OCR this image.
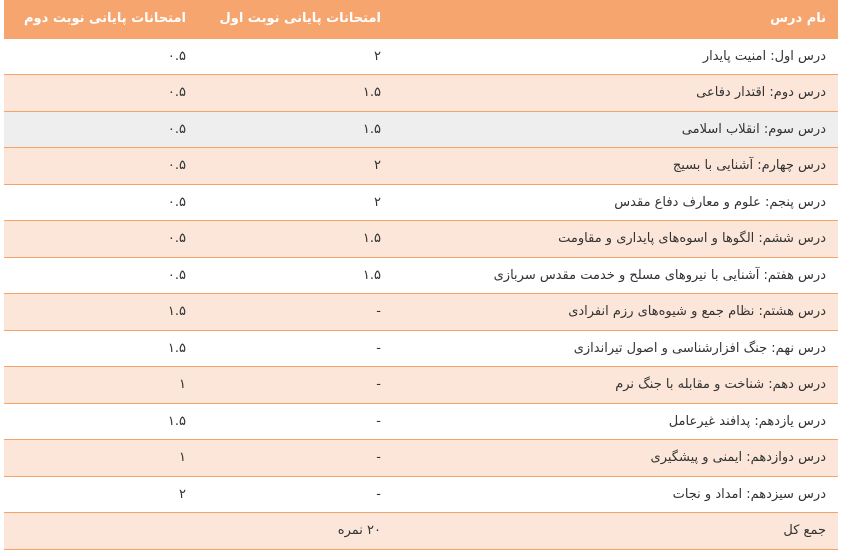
نام درس	امتحانات پایانی نوبت اول	امتحانات پایانی نوبت دوم
درس اول: امنیت پایدار	۲	۰.۵
درس دوم: اقتدار دفاعی	۱.۵	۰.۵
درس سوم: انقلاب اسلامی	۱.۵	۰.۵
درس چهارم: آشنایی با بسیج	۲	۰.۵
درس پنجم: علوم و معارف دفاع مقدس	۲	۰.۵
درس ششم: الگوها و اسوه‌های پایداری و مقاومت	۱.۵	۰.۵
درس هفتم: آشنایی با نیروهای مسلح و خدمت مقدس سربازی	۱.۵	۰.۵
درس هشتم: نظام جمع و شیوه‌های رزم انفرادی	-	۱.۵
درس نهم: جنگ افزارشناسی و اصول تیراندازی	-	۱.۵
درس دهم: شناخت و مقابله با جنگ نرم	-	۱
درس یازدهم: پدافند غیرعامل	-	۱.۵
درس دوازدهم: ایمنی و پیشگیری	-	۱
درس سیزدهم: امداد و نجات	-	۲
جمع کل	۲۰ نمره	
